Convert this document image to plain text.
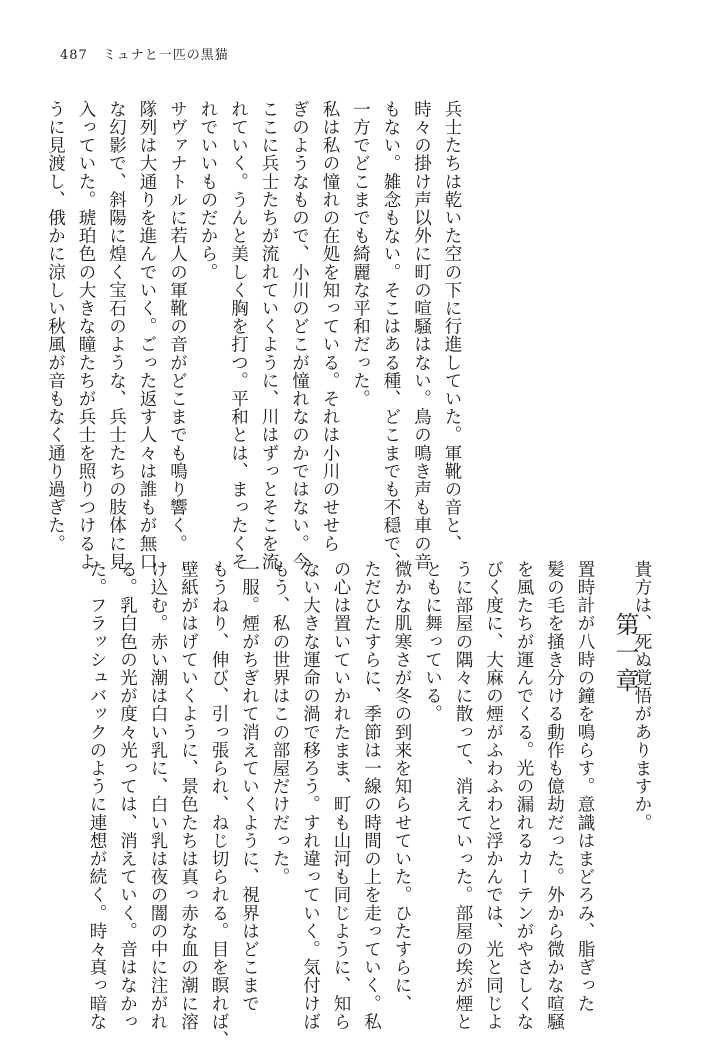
487 ミュナと一匹の黒猫

兵士たちは乾いた空の下に行進していた。軍靴の音と、

時々の掛け声以外に町の喧騒はない。鳥の鳴き声も車の音

もない。雑念もない。そこはある種、どこまでも不穏で、

一方でどこまでも綺麗な平和だった。

私は私の憧れの在処を知っている。それは小川のせせら

ぎのようなもので、小川のどこが憧れなのかではない。今、

ここに兵士たちが流れていくように、川はずっとそこを流

れていく。うんと美しく胸を打つ。平和とは、まったくそ

れでいいものだから。

サヴァナトルに若人の軍靴の音がどこまでも鳴り響く。

隊列は大通りを進んでいく。ごった返す人々は誰もが無口

な幻影で、斜陽に煌く宝石のような、兵士たちの肢体に見

入っていた。琥珀色の大きな瞳たちが兵士を照りつけるよ

うに見渡し、俄かに涼しい秋風が音もなく通り過ぎた。

貴方は、死ぬ覚悟がありますか。
第一章

置時計が八時の鐘を鳴らす。意識はまどろみ、脂ぎった

髪の毛を掻き分ける動作も億劫だった。外から微かな喧騒

を風たちが運んでくる。光の漏れるカーテンがやさしくな

びく度に、大麻の煙がふわふわと浮かんでは、光と同じよ

うに部屋の隅々に散って、消えていった。部屋の埃が煙と

ともに舞っている。

微かな肌寒さが冬の到来を知らせていた。ひたすらに、

ただひたすらに、季節は一線の時間の上を走っていく。私

の心は置いていかれたまま、町も山河も同じように、知ら

ない大きな運命の渦で移ろう。すれ違っていく。気付けば

もう、私の世界はこの部屋だけだった。

一服。煙がちぎれて消えていくように、視界はどこまで

もうねり、伸び、引っ張られ、ねじ切られる。目を瞑れば、

壁紙がはげていくように、景色たちは真っ赤な血の潮に溶

け込む。赤い潮は白い乳に、白い乳は夜の闇の中に注がれ

る。乳白色の光が度々光っては、消えていく。音はなかっ

た。フラッシュバックのように連想が続く。時々真っ暗な
